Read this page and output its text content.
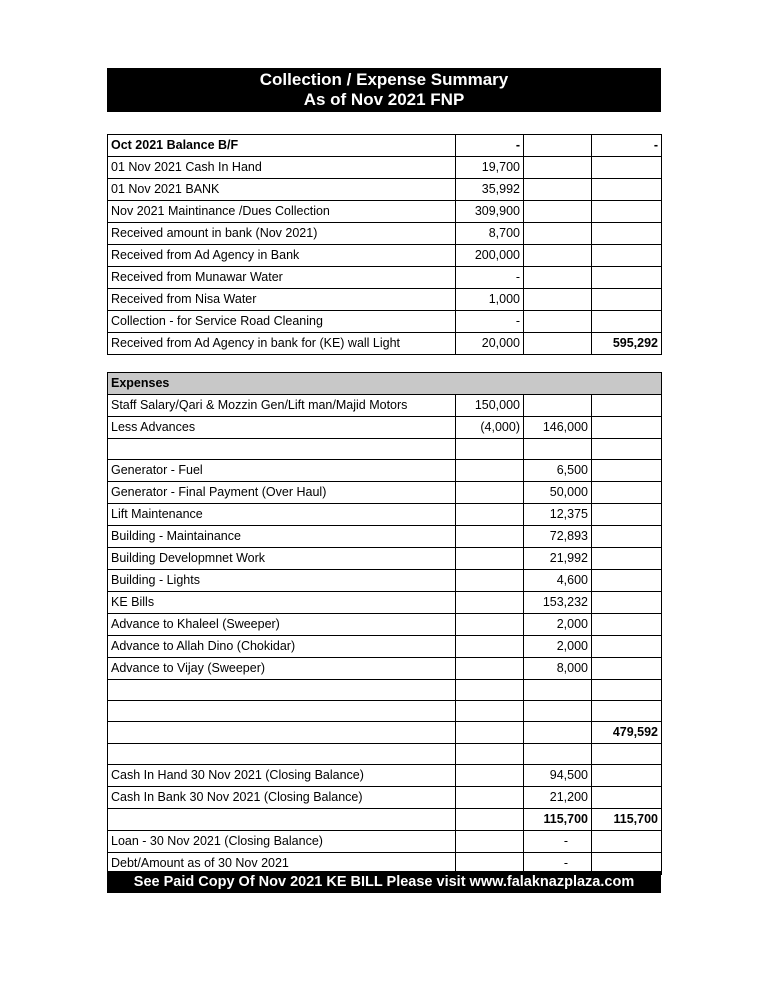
Collection / Expense Summary
As of Nov 2021 FNP
Oct 2021 Balance B/F	-		-
01 Nov 2021 Cash In Hand	19,700		
01 Nov 2021 BANK	35,992		
Nov 2021 Maintinance /Dues Collection	309,900		
Received amount in bank (Nov 2021)	8,700		
Received from Ad Agency in Bank	200,000		
Received from Munawar Water	-		
Received from Nisa Water	1,000		
Collection - for Service Road Cleaning	-		
Received from Ad Agency in bank for (KE) wall Light	20,000		595,292
Expenses			
Staff Salary/Qari & Mozzin Gen/Lift man/Majid Motors	150,000		
Less Advances	(4,000)	146,000	

Generator - Fuel		6,500	
Generator - Final Payment (Over Haul)		50,000	
Lift Maintenance		12,375	
Building - Maintainance		72,893	
Building Developmnet Work		21,992	
Building - Lights		4,600	
KE Bills		153,232	
Advance to Khaleel (Sweeper)		2,000	
Advance to Allah Dino (Chokidar)		2,000	
Advance to Vijay (Sweeper)		8,000	

			479,592

Cash In Hand 30 Nov 2021 (Closing Balance)		94,500	
Cash In Bank 30 Nov 2021 (Closing Balance)		21,200	
		115,700	115,700
Loan - 30 Nov 2021 (Closing Balance)		-	
Debt/Amount as of 30 Nov 2021		-	
See Paid Copy Of Nov 2021 KE BILL Please visit www.falaknazplaza.com
